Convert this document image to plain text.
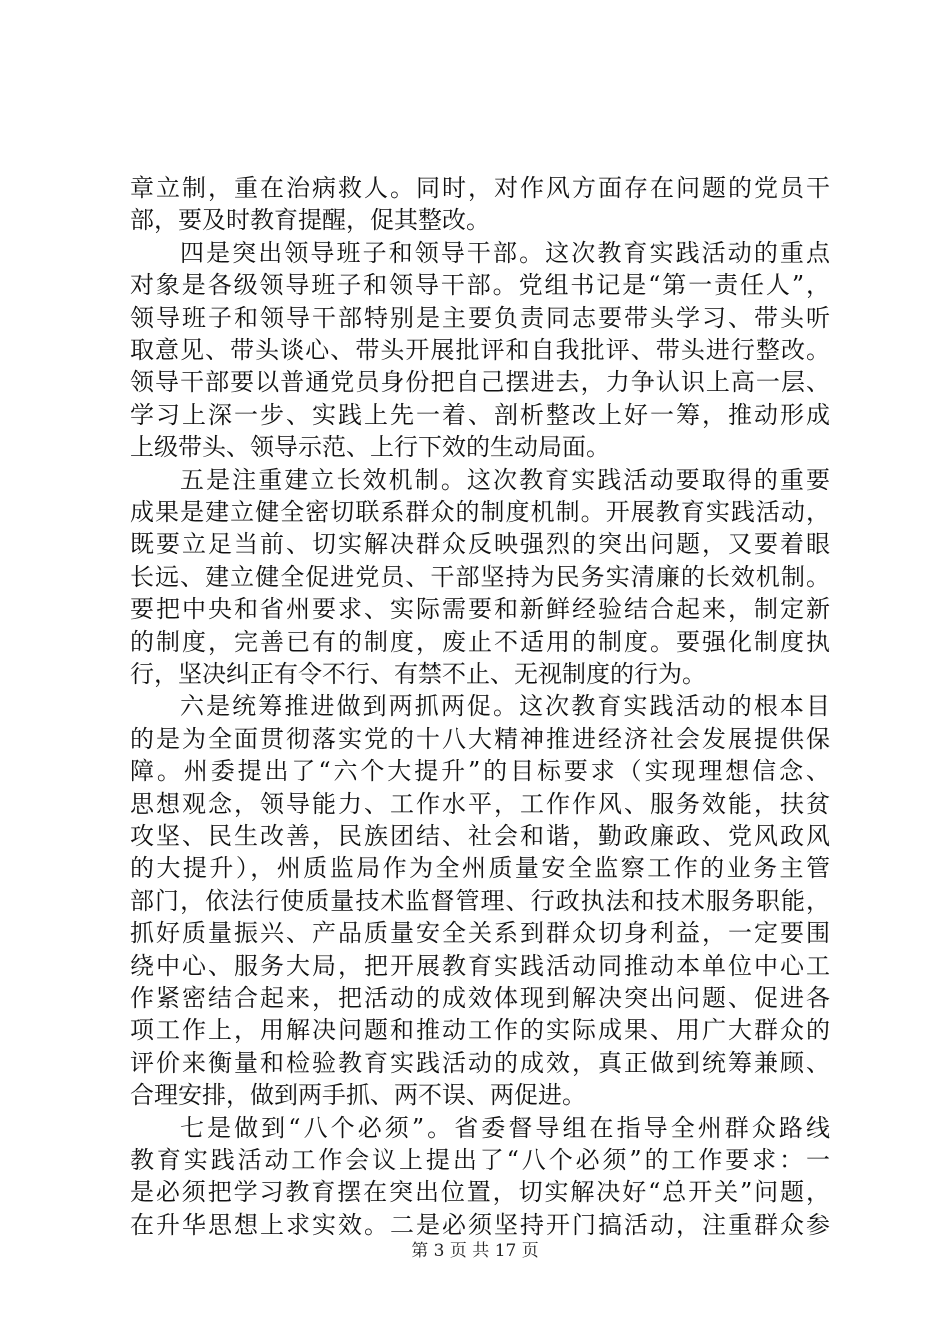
章立制，重在治病救人。同时，对作风方面存在问题的党员干
部，要及时教育提醒，促其整改。
四是突出领导班子和领导干部。这次教育实践活动的重点
对象是各级领导班子和领导干部。党组书记是“第一责任人”，
领导班子和领导干部特别是主要负责同志要带头学习、带头听
取意见、带头谈心、带头开展批评和自我批评、带头进行整改。
领导干部要以普通党员身份把自己摆进去，力争认识上高一层、
学习上深一步、实践上先一着、剖析整改上好一筹，推动形成
上级带头、领导示范、上行下效的生动局面。
五是注重建立长效机制。这次教育实践活动要取得的重要
成果是建立健全密切联系群众的制度机制。开展教育实践活动，
既要立足当前、切实解决群众反映强烈的突出问题，又要着眼
长远、建立健全促进党员、干部坚持为民务实清廉的长效机制。
要把中央和省州要求、实际需要和新鲜经验结合起来，制定新
的制度，完善已有的制度，废止不适用的制度。要强化制度执
行，坚决纠正有令不行、有禁不止、无视制度的行为。
六是统筹推进做到两抓两促。这次教育实践活动的根本目
的是为全面贯彻落实党的十八大精神推进经济社会发展提供保
障。州委提出了“六个大提升”的目标要求（实现理想信念、
思想观念，领导能力、工作水平，工作作风、服务效能，扶贫
攻坚、民生改善，民族团结、社会和谐，勤政廉政、党风政风
的大提升），州质监局作为全州质量安全监察工作的业务主管
部门，依法行使质量技术监督管理、行政执法和技术服务职能，
抓好质量振兴、产品质量安全关系到群众切身利益，一定要围
绕中心、服务大局，把开展教育实践活动同推动本单位中心工
作紧密结合起来，把活动的成效体现到解决突出问题、促进各
项工作上，用解决问题和推动工作的实际成果、用广大群众的
评价来衡量和检验教育实践活动的成效，真正做到统筹兼顾、
合理安排，做到两手抓、两不误、两促进。
七是做到“八个必须”。省委督导组在指导全州群众路线
教育实践活动工作会议上提出了“八个必须”的工作要求：一
是必须把学习教育摆在突出位置，切实解决好“总开关”问题，
在升华思想上求实效。二是必须坚持开门搞活动，注重群众参
第 3 页 共 17 页
